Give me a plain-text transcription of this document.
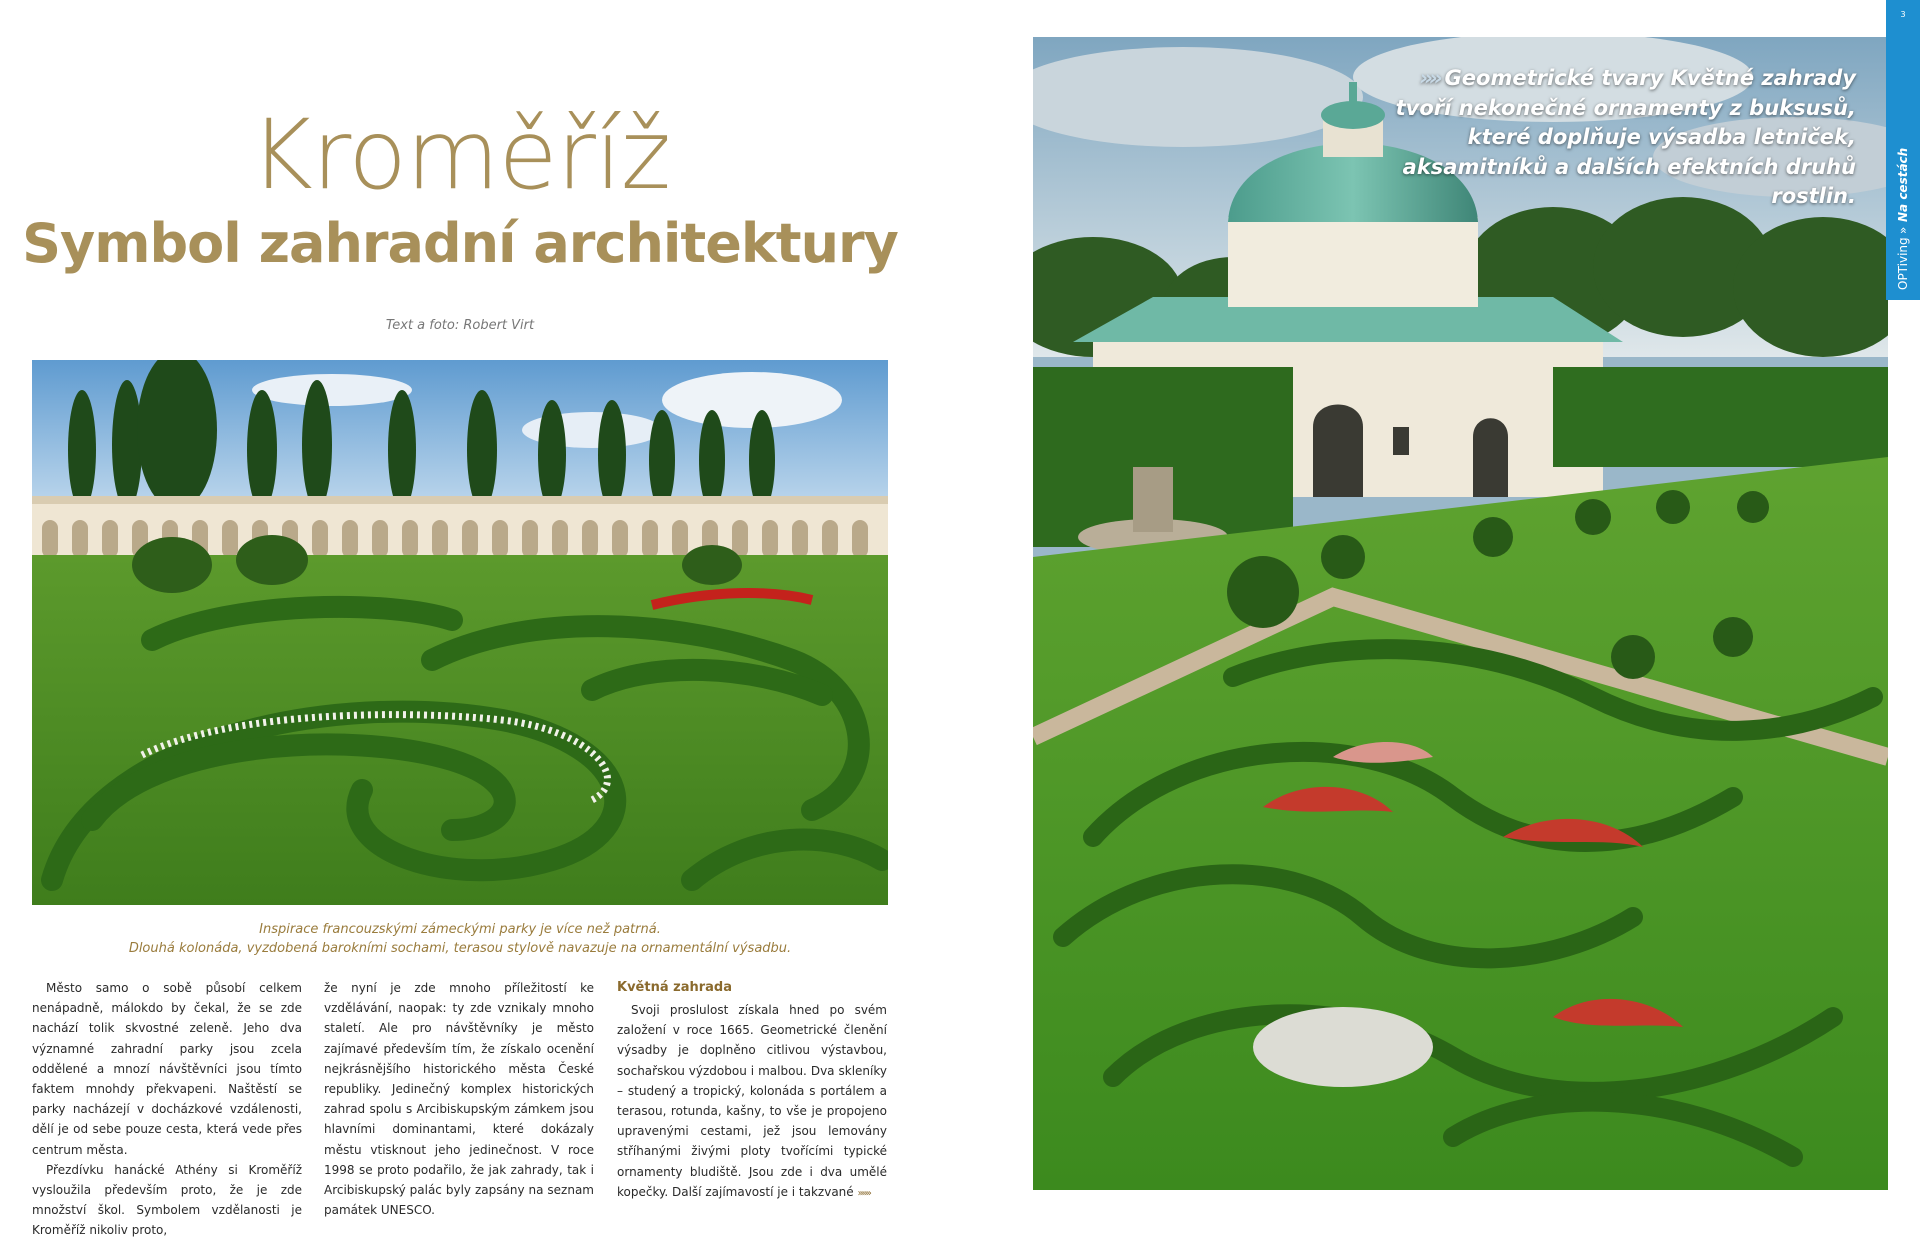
Kroměříž
Symbol zahradní architektury
Text a foto: Robert Virt
Inspirace francouzskými zámeckými parky je více než patrná.
Dlouhá kolonáda, vyzdobená barokními sochami, terasou stylově navazuje na ornamentální výsadbu.

Město samo o sobě působí celkem nenápadně, málokdo by čekal, že se zde nachází tolik skvostné zeleně. Jeho dva významné zahradní parky jsou zcela oddělené a mnozí návštěvníci jsou tímto faktem mnohdy překvapeni. Naštěstí se parky nacházejí v docházkové vzdálenosti, dělí je od sebe pouze cesta, která vede přes centrum města.

Přezdívku hanácké Athény si Kroměříž vysloužila především proto, že je zde množství škol. Symbolem vzdělanosti je Kroměříž nikoliv proto,

že nyní je zde mnoho příležitostí ke vzdělávání, naopak: ty zde vznikaly mnoho staletí. Ale pro návštěvníky je město zajímavé především tím, že získalo ocenění nejkrásnějšího historického města České republiky. Jedinečný komplex historických zahrad spolu s Arcibiskupským zámkem jsou hlavními dominantami, které dokázaly městu vtisknout jeho jedinečnost. V roce 1998 se proto podařilo, že jak zahrady, tak i Arcibiskupský palác byly zapsány na seznam památek UNESCO.

Květná zahrada

Svoji proslulost získala hned po svém založení v roce 1665. Geometrické členění výsadby je doplněno citlivou výstavbou, sochařskou výzdobou i malbou. Dva skleníky – studený a tropický, kolonáda s portálem a terasou, rotunda, kašny, to vše je propojeno upravenými cestami, jež jsou lemovány stříhanými živými ploty tvořícími typické ornamenty bludiště. Jsou zde i dva umělé kopečky. Další zajímavostí je i takzvané »»»

»» Geometrické tvary Květné zahrady tvoří nekonečné ornamenty z buksusů, které doplňuje výsadba letniček, aksamitníků a dalších efektních druhů rostlin.
3
OPTiving

»

Na cestách
